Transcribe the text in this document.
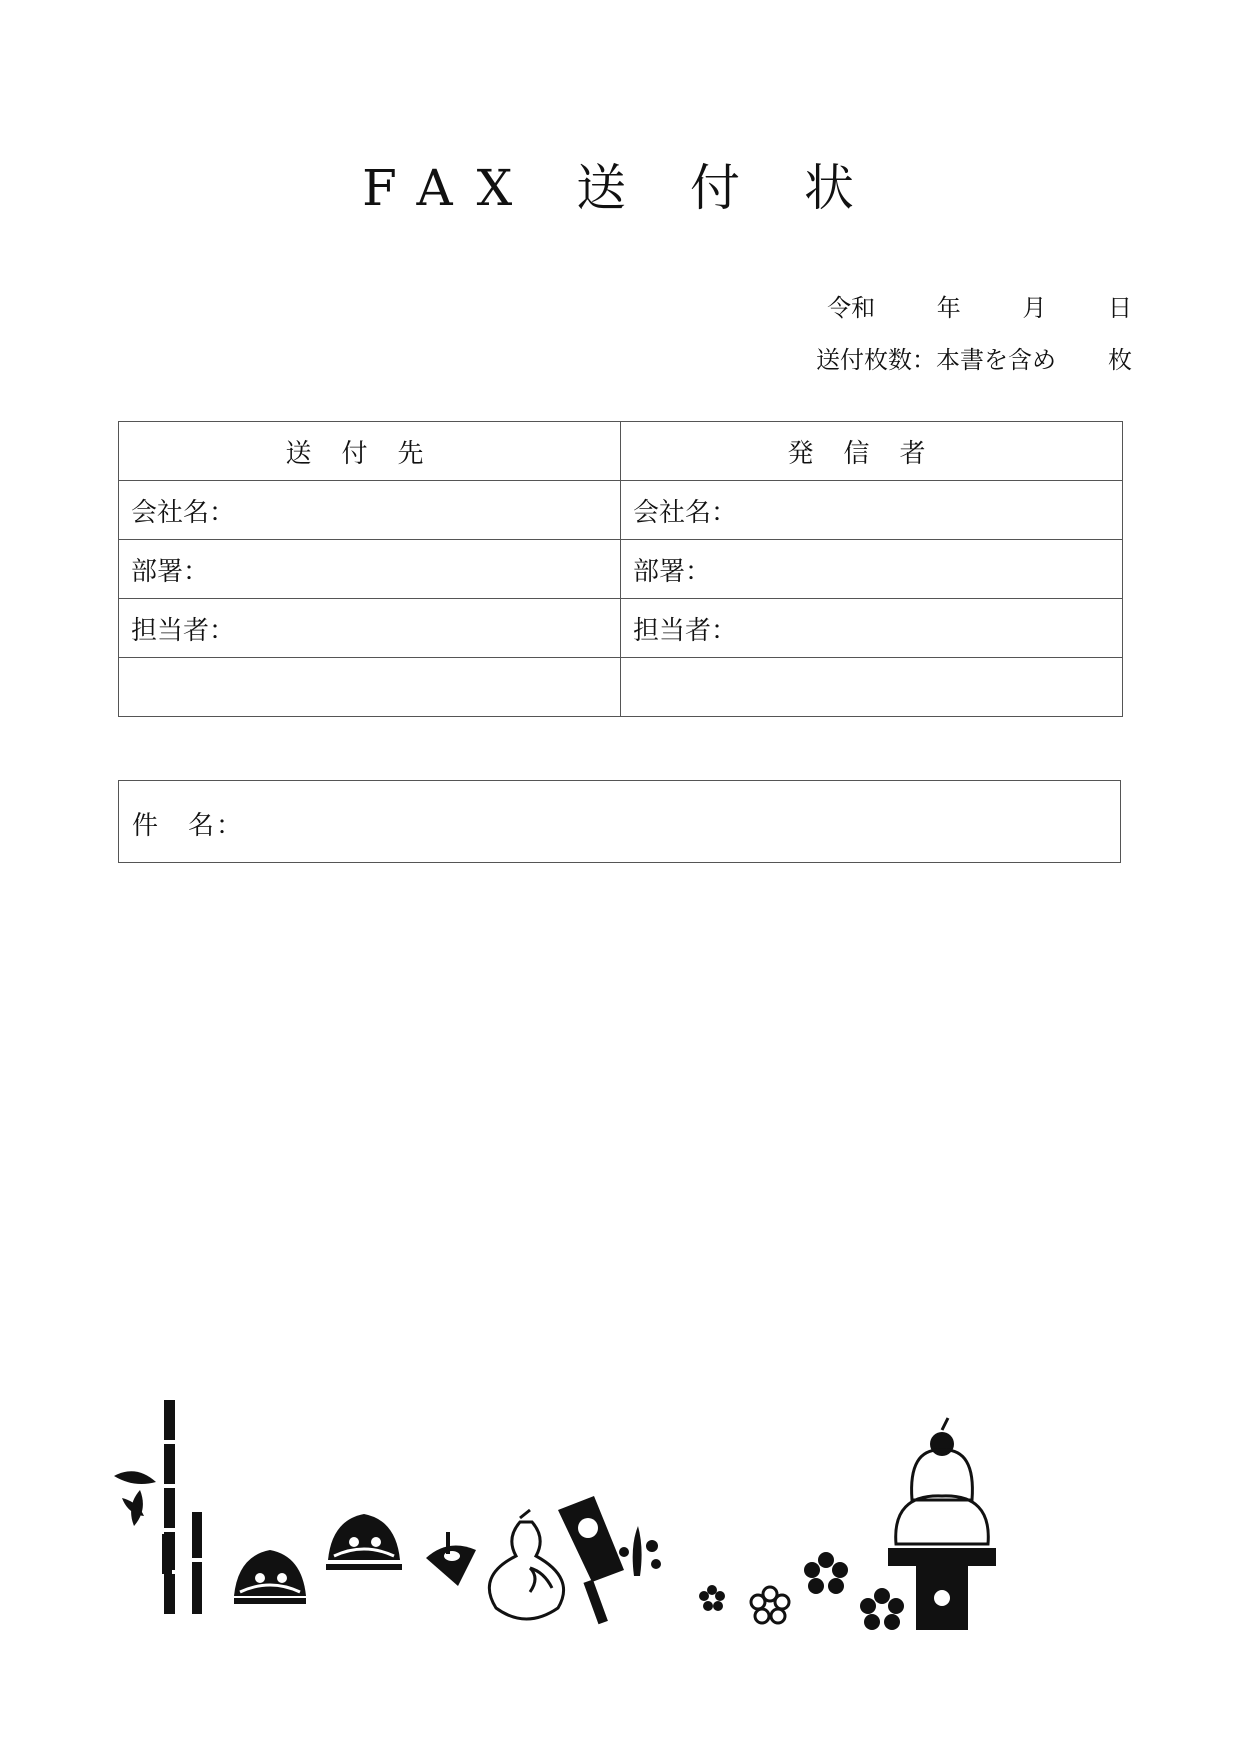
FAX 送 付 状
令和	年	月	日
送付枚数：本書を含め 枚
送付先	発信者
会社名：	会社名：
部署：	部署：
担当者：	担当者：

件　名：
